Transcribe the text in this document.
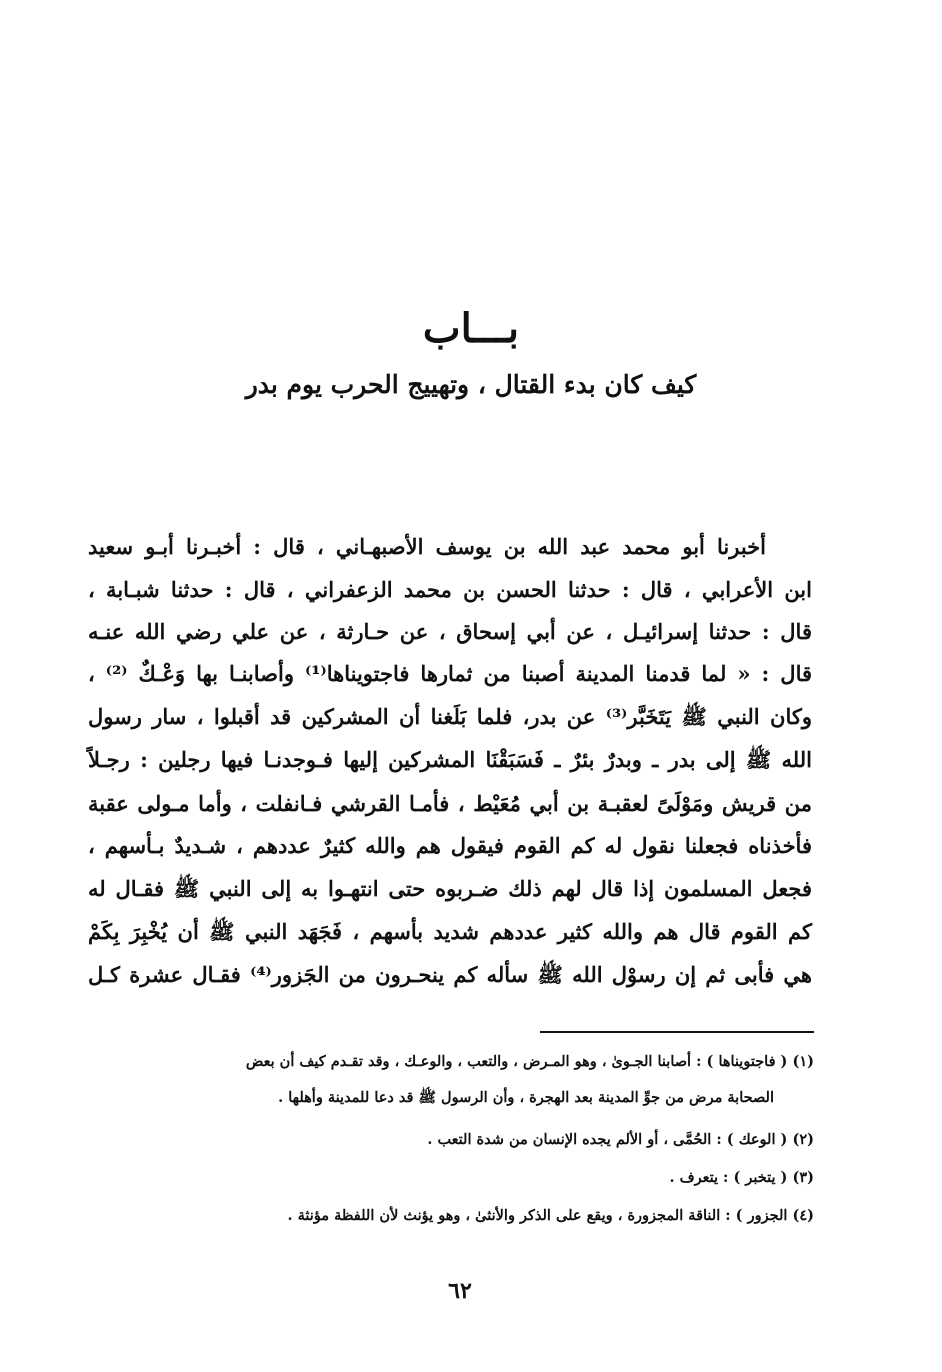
بـــاب
كيف كان بدء القتال ، وتهييج الحرب يوم بدر
أخبرنا أبو محمد عبد الله بن يوسف الأصبهـاني ، قال : أخبـرنا أبـو سعيد
ابن الأعرابي ، قال : حدثنا الحسن بن محمد الزعفراني ، قال : حدثنا شبـابة ،
قال : حدثنا إسرائيـل ، عن أبي إسحاق ، عن حـارثة ، عن علي رضي الله عنـه
قال : « لما قدمنا المدينة أصبنا من ثمارها فاجتويناها⁽¹⁾ وأصابنـا بها وَعْـكٌ ⁽²⁾ ،
وكان النبي ﷺ يَتَخَبَّر⁽³⁾ عن بدر، فلما بَلَغنا أن المشركين قد أقبلوا ، سار رسول
الله ﷺ إلى بدر ـ وبدرٌ بئرٌ ـ فَسَبَقْنَا المشركين إليها فـوجدنـا فيها رجلين : رجـلاً
من قريش ومَوْلَىً لعقبـة بن أبي مُعَيْط ، فأمـا القرشي فـانفلت ، وأما مـولى عقبة
فأخذناه فجعلنا نقول له كم القوم فيقول هم والله كثيرٌ عددهم ، شـديدٌ بـأسهم ،
فجعل المسلمون إذا قال لهم ذلك ضـربوه حتى انتهـوا به إلى النبي ﷺ فقـال له
كم القوم قال هم والله كثير عددهم شديد بأسهم ، فَجَهَد النبي ﷺ أن يُخْبِرَ بِكَمْ
هي فأبى ثم إن رسوْل الله ﷺ سأله كم ينحـرون من الجَزور⁽⁴⁾ فقـال عشرة كـل
(١) ( فاجتويناها ) : أصابنا الجـوىٰ ، وهو المـرض ، والتعب ، والوعـك ، وقد تقـدم كيف أن بعض
الصحابة مرض من جوِّ المدينة بعد الهجرة ، وأن الرسول ﷺ قد دعا للمدينة وأهلها .
(٢) ( الوعك ) : الحُمَّى ، أو الألم يجده الإنسان من شدة التعب .
(٣) ( يتخبر ) : يتعرف .
(٤) الجزور ) : الناقة المجزورة ، ويقع على الذكر والأنثىٰ ، وهو يؤنث لأن اللفظة مؤنثة .
٦٢
